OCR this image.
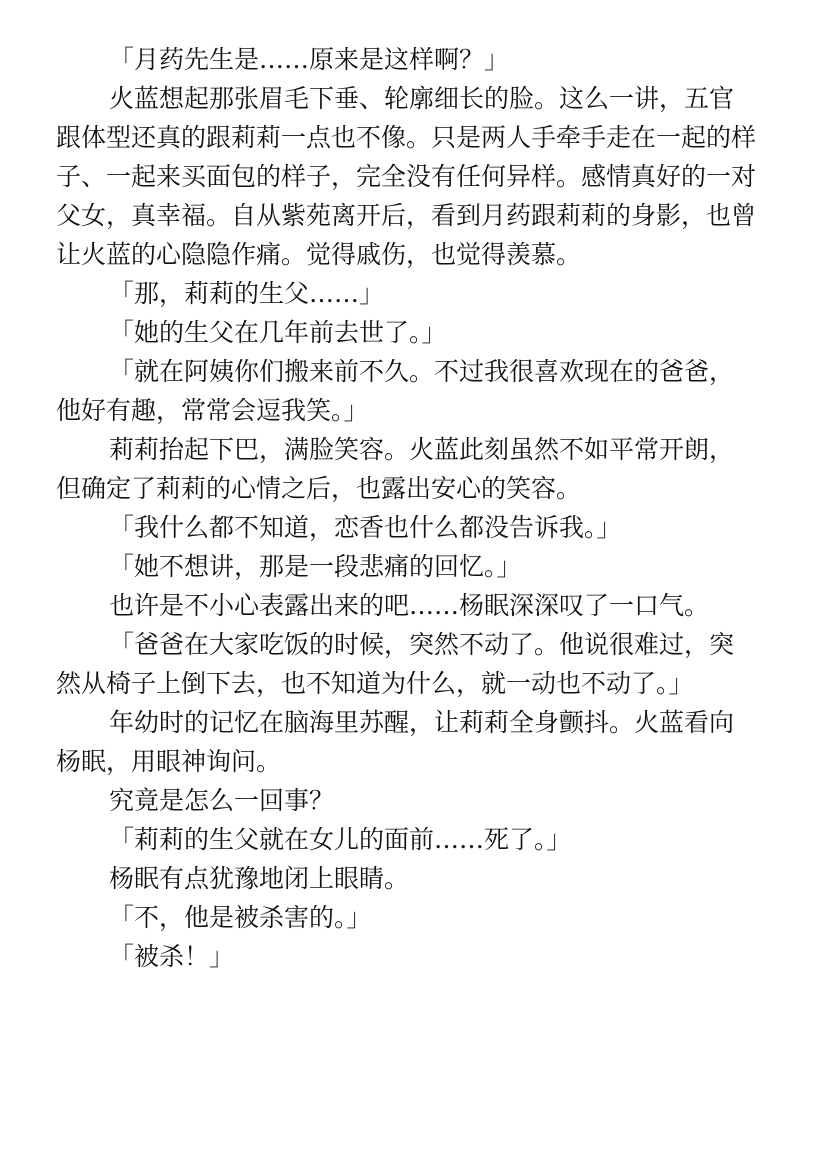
「月药先生是……原来是这样啊？」

火蓝想起那张眉毛下垂、轮廓细长的脸。这么一讲，五官跟体型还真的跟莉莉一点也不像。只是两人手牵手走在一起的样子、一起来买面包的样子，完全没有任何异样。感情真好的一对父女，真幸福。自从紫苑离开后，看到月药跟莉莉的身影，也曾让火蓝的心隐隐作痛。觉得戚伤，也觉得羡慕。

「那，莉莉的生父……」

「她的生父在几年前去世了。」

「就在阿姨你们搬来前不久。不过我很喜欢现在的爸爸，他好有趣，常常会逗我笑。」

莉莉抬起下巴，满脸笑容。火蓝此刻虽然不如平常开朗，但确定了莉莉的心情之后，也露出安心的笑容。

「我什么都不知道，恋香也什么都没告诉我。」

「她不想讲，那是一段悲痛的回忆。」

也许是不小心表露出来的吧……杨眠深深叹了一口气。

「爸爸在大家吃饭的时候，突然不动了。他说很难过，突然从椅子上倒下去，也不知道为什么，就一动也不动了。」

年幼时的记忆在脑海里苏醒，让莉莉全身颤抖。火蓝看向杨眠，用眼神询问。

究竟是怎么一回事？

「莉莉的生父就在女儿的面前……死了。」

杨眠有点犹豫地闭上眼睛。

「不，他是被杀害的。」

「被杀！」
